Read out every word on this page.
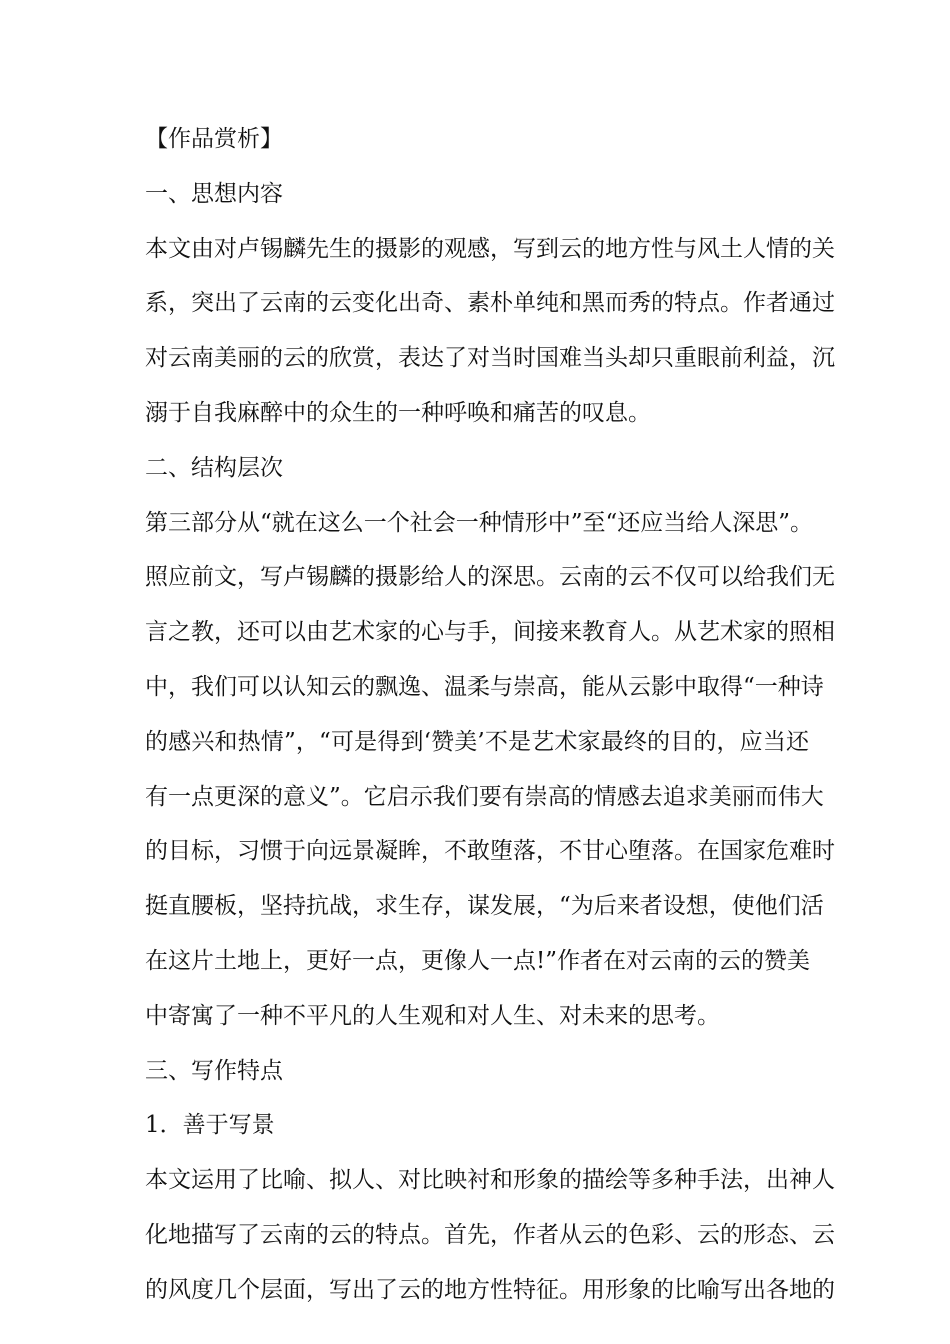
【作品赏析】
一、思想内容
本文由对卢锡麟先生的摄影的观感，写到云的地方性与风土人情的关
系，突出了云南的云变化出奇、素朴单纯和黑而秀的特点。作者通过
对云南美丽的云的欣赏，表达了对当时国难当头却只重眼前利益，沉
溺于自我麻醉中的众生的一种呼唤和痛苦的叹息。
二、结构层次
第三部分从“就在这么一个社会一种情形中”至“还应当给人深思”。
照应前文，写卢锡麟的摄影给人的深思。云南的云不仅可以给我们无
言之教，还可以由艺术家的心与手，间接来教育人。从艺术家的照相
中，我们可以认知云的飘逸、温柔与崇高，能从云影中取得“一种诗
的感兴和热情”，“可是得到‘赞美’不是艺术家最终的目的，应当还
有一点更深的意义”。它启示我们要有崇高的情感去追求美丽而伟大
的目标，习惯于向远景凝眸，不敢堕落，不甘心堕落。在国家危难时
挺直腰板，坚持抗战，求生存，谋发展，“为后来者设想，使他们活
在这片土地上，更好一点，更像人一点!”作者在对云南的云的赞美
中寄寓了一种不平凡的人生观和对人生、对未来的思考。
三、写作特点
1．善于写景
本文运用了比喻、拟人、对比映衬和形象的描绘等多种手法，出神人
化地描写了云南的云的特点。首先，作者从云的色彩、云的形态、云
的风度几个层面，写出了云的地方性特征。用形象的比喻写出各地的
